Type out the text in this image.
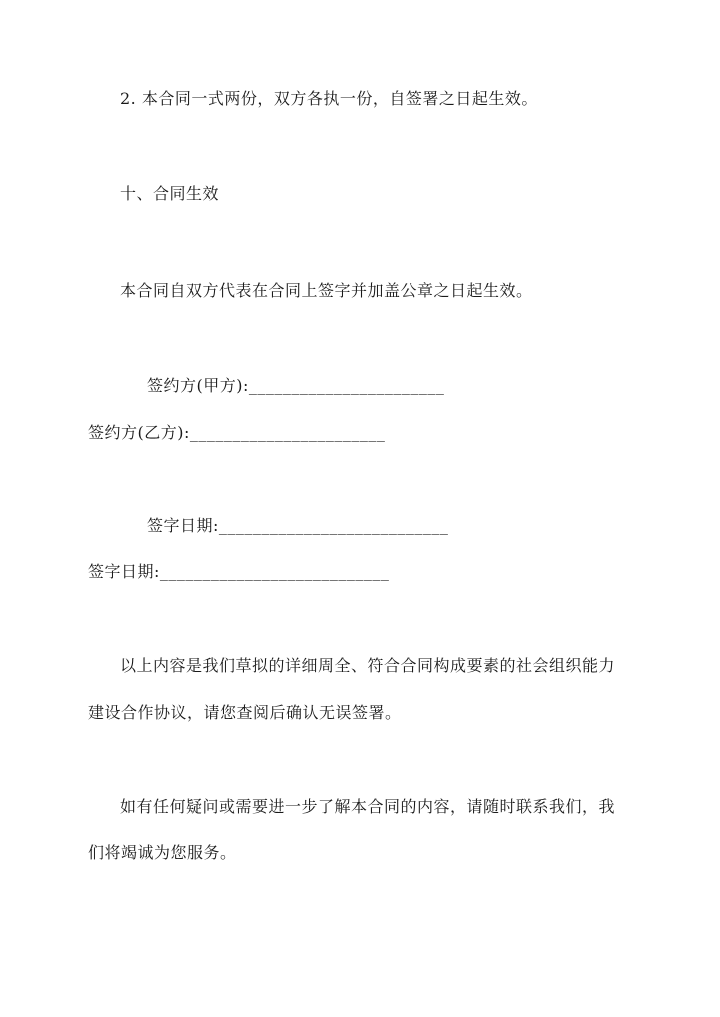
2. 本合同一式两份，双方各执一份，自签署之日起生效。
十、合同生效
本合同自双方代表在合同上签字并加盖公章之日起生效。
签约方(甲方):_______________________
签约方(乙方):_______________________
签字日期:___________________________
签字日期:___________________________
以上内容是我们草拟的详细周全、符合合同构成要素的社会组织能力
建设合作协议，请您查阅后确认无误签署。
如有任何疑问或需要进一步了解本合同的内容，请随时联系我们，我
们将竭诚为您服务。
